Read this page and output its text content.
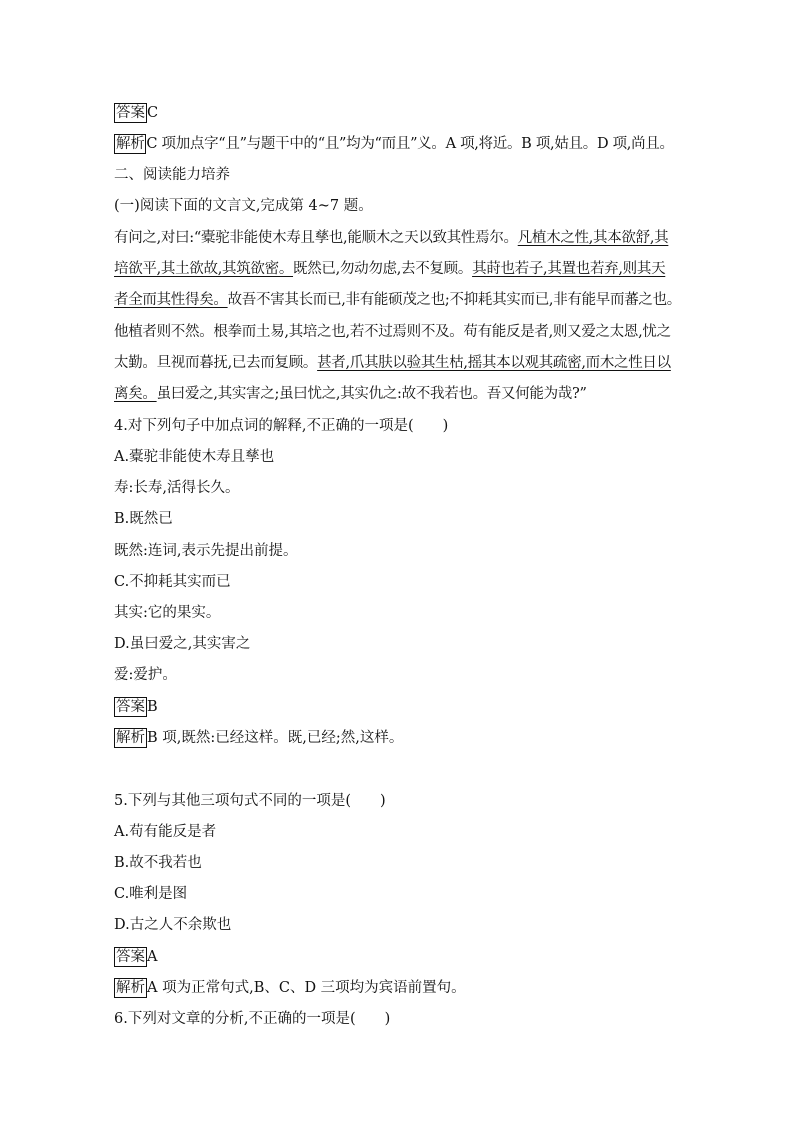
答案 C
解析 C 项加点字“且”与题干中的“且”均为“而且”义。A 项,将近。B 项,姑且。D 项,尚且。
二、阅读能力培养
(一)阅读下面的文言文,完成第 4~7 题。
有问之,对曰:“橐驼非能使木寿且孳也,能顺木之天以致其性焉尔。凡植木之性,其本欲舒,其
培欲平,其土欲故,其筑欲密。既然已,勿动勿虑,去不复顾。其莳也若子,其置也若弃,则其天
者全而其性得矣。故吾不害其长而已,非有能硕茂之也;不抑耗其实而已,非有能早而蕃之也。
他植者则不然。根拳而土易,其培之也,若不过焉则不及。苟有能反是者,则又爱之太恩,忧之
太勤。旦视而暮抚,已去而复顾。甚者,爪其肤以验其生枯,摇其本以观其疏密,而木之性日以
离矣。虽曰爱之,其实害之;虽曰忧之,其实仇之:故不我若也。吾又何能为哉?”
4.对下列句子中加点词的解释,不正确的一项是(　　)
A.橐驼非能使木寿且孳也
寿:长寿,活得长久。
B.既然已
既然:连词,表示先提出前提。
C.不抑耗其实而已
其实:它的果实。
D.虽曰爱之,其实害之
爱:爱护。
答案 B
解析 B 项,既然:已经这样。既,已经;然,这样。
5.下列与其他三项句式不同的一项是(　　)
A.苟有能反是者
B.故不我若也
C.唯利是图
D.古之人不余欺也
答案 A
解析 A 项为正常句式,B、C、D 三项均为宾语前置句。
6.下列对文章的分析,不正确的一项是(　　)
